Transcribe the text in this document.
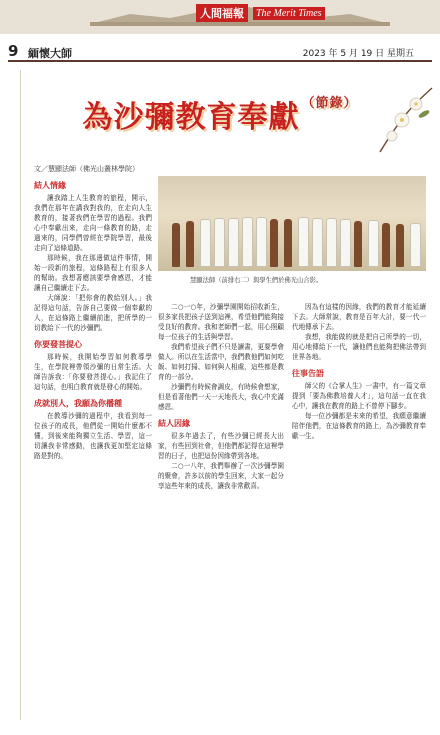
人間福報	The Merit Times
9 緬懷大師	2023 年 5 月 19 日 星期五
為沙彌教育奉獻 $^{(節錄)}$
文／慧顯法師（佛光山叢林學院）
慧顯法師（前排右二）與學生們於佛光山合影。
結人情緣

讓我踏上人生教育的旅程，開示，我們在那年在講我對我的，在走向人生教育的，接著我們在學習的過程。我們心中奉獻出來，走向一條教育的路，走過來的，同學們曾經在學院學習，最後走向了這條道路。

那時候，我在那邊做這件事情，開始一段新的旅程，這條路程上有很多人的幫助。我想著應該要學會感恩，才能讓自己繼續走下去。

大師說：「把你會的教給別人。」我記得這句話，告訴自己要做一個奉獻的人，在這條路上繼續前進，把所學的一切教給下一代的沙彌們。

你要發菩提心

那時候，我開始學習如何教導學生，在學院裡帶領沙彌的日常生活。大師告訴我：「你要發菩提心。」我記住了這句話，也明白教育就是發心的開始。

成就別人，我願為你播種

在教導沙彌的過程中，我看到每一位孩子的成長，他們從一開始什麼都不懂，到後來能夠獨立生活、學習，這一切讓我非常感動，也讓我更加堅定這條路是對的。

二○一○年，沙彌學園開始招收新生，很多家長把孩子送到這裡，希望他們能夠接受良好的教育。我和老師們一起，用心照顧每一位孩子的生活與學習。

我們希望孩子們不只是讀書，更要學會做人。所以在生活當中，我們教他們如何吃飯、如何打掃、如何與人相處，這些都是教育的一部分。

沙彌們有時候會調皮，有時候會想家，但是看著他們一天一天地長大，我心中充滿感恩。

結人因緣

很多年過去了，有些沙彌已經長大出家，有些回到社會，但他們都記得在這裡學習的日子，也把這份因緣帶到各地。

二○一八年，我們舉辦了一次沙彌學園的聚會，許多以前的學生回來，大家一起分享這些年來的成長，讓我非常歡喜。

因為有這樣的因緣，我們的教育才能延續下去。大師常說，教育是百年大計，要一代一代地傳承下去。

我想，我能做的就是把自己所學的一切，用心地傳給下一代，讓他們也能夠把佛法帶到世界各地。

往事告語

師父的《合掌人生》一書中，有一篇文章提到「要為佛教培養人才」，這句話一直在我心中，讓我在教育的路上不曾停下腳步。

每一位沙彌都是未來的希望，我願意繼續陪伴他們，在這條教育的路上，為沙彌教育奉獻一生。
